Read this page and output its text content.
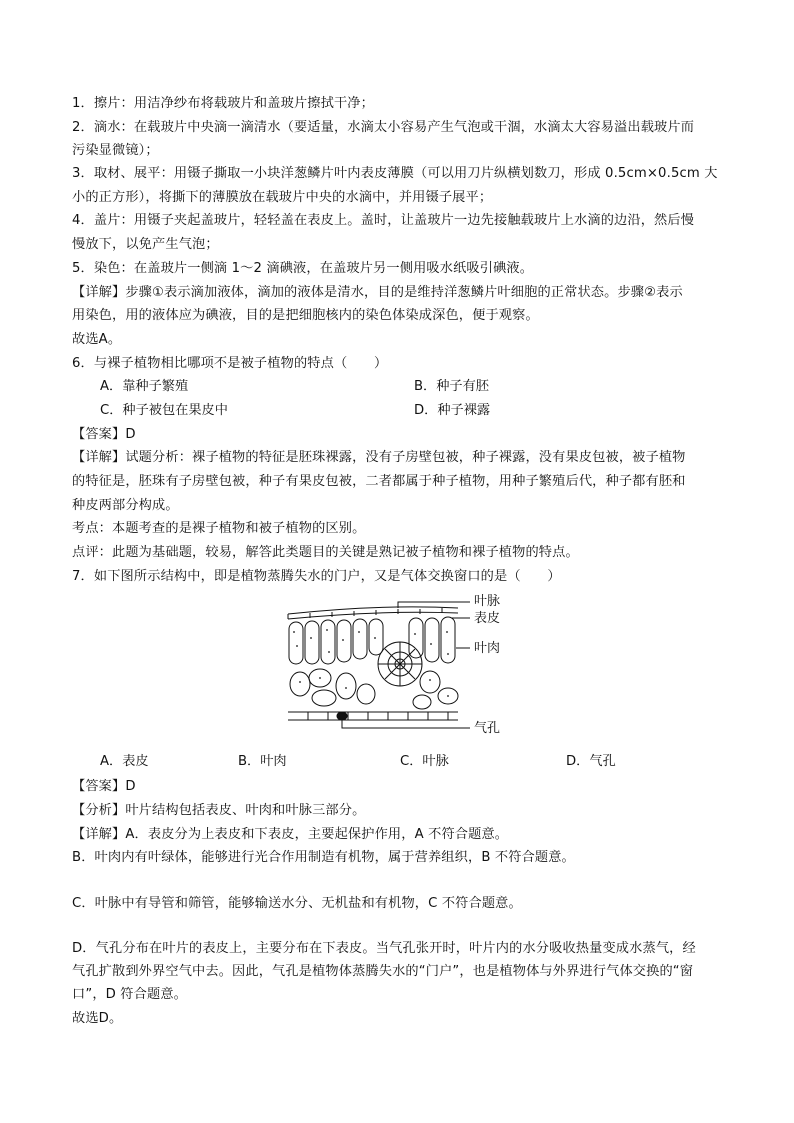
1．擦片：用洁净纱布将载玻片和盖玻片擦拭干净；
2．滴水：在载玻片中央滴一滴清水（要适量，水滴太小容易产生气泡或干涸，水滴太大容易溢出载玻片而
污染显微镜）；
3．取材、展平：用镊子撕取一小块洋葱鳞片叶内表皮薄膜（可以用刀片纵横划数刀，形成 0.5cm×0.5cm 大
小的正方形），将撕下的薄膜放在载玻片中央的水滴中，并用镊子展平；
4．盖片：用镊子夹起盖玻片，轻轻盖在表皮上。盖时，让盖玻片一边先接触载玻片上水滴的边沿，然后慢
慢放下，以免产生气泡；
5．染色：在盖玻片一侧滴 1～2 滴碘液，在盖玻片另一侧用吸水纸吸引碘液。
【详解】步骤①表示滴加液体，滴加的液体是清水，目的是维持洋葱鳞片叶细胞的正常状态。步骤②表示
用染色，用的液体应为碘液，目的是把细胞核内的染色体染成深色，便于观察。
故选A。
6．与裸子植物相比哪项不是被子植物的特点（　　）
A．靠种子繁殖	B．种子有胚
C．种子被包在果皮中	D．种子裸露
【答案】D
【详解】试题分析：裸子植物的特征是胚珠裸露，没有子房壁包被，种子裸露，没有果皮包被，被子植物
的特征是，胚珠有子房壁包被，种子有果皮包被，二者都属于种子植物，用种子繁殖后代，种子都有胚和
种皮两部分构成。
考点：本题考查的是裸子植物和被子植物的区别。
点评：此题为基础题，较易，解答此类题目的关键是熟记被子植物和裸子植物的特点。
7．如下图所示结构中，即是植物蒸腾失水的门户，又是气体交换窗口的是（　　）
叶脉
表皮
叶肉
气孔
A．表皮	B．叶肉	C．叶脉	D．气孔
【答案】D
【分析】叶片结构包括表皮、叶肉和叶脉三部分。
【详解】A．表皮分为上表皮和下表皮，主要起保护作用，A 不符合题意。
B．叶肉内有叶绿体，能够进行光合作用制造有机物，属于营养组织，B 不符合题意。
C．叶脉中有导管和筛管，能够输送水分、无机盐和有机物，C 不符合题意。
D．气孔分布在叶片的表皮上，主要分布在下表皮。当气孔张开时，叶片内的水分吸收热量变成水蒸气，经
气孔扩散到外界空气中去。因此，气孔是植物体蒸腾失水的“门户”，也是植物体与外界进行气体交换的“窗
口”，D 符合题意。
故选D。
